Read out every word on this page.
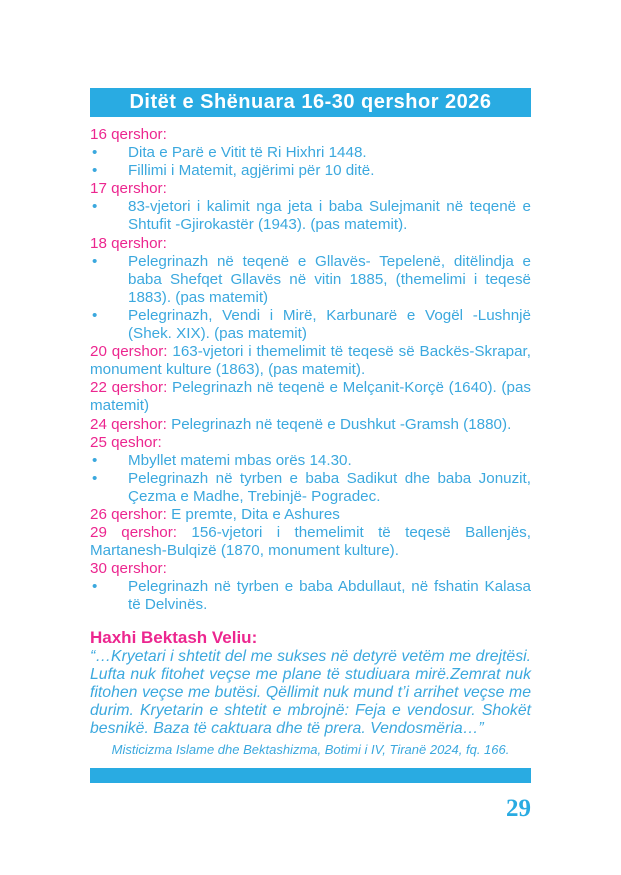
Ditët e Shënuara 16-30 qershor 2026

16 qershor:

• Dita e Parë e Vitit të Ri Hixhri 1448.

• Fillimi i Matemit, agjërimi për 10 ditë.

17 qershor:

• 83-vjetori i kalimit nga jeta i baba Sulejmanit në teqenë e Shtufit -Gjirokastër (1943). (pas matemit).

18 qershor:

• Pelegrinazh në teqenë e Gllavës- Tepelenë, ditëlindja e baba Shefqet Gllavës në vitin 1885, (themelimi i teqesë 1883). (pas matemit)

• Pelegrinazh, Vendi i Mirë, Karbunarë e Vogël -Lushnjë (Shek. XIX). (pas matemit)

20 qershor: 163-vjetori i themelimit të teqesë së Backës-Skrapar, monument kulture (1863), (pas matemit).

22 qershor: Pelegrinazh në teqenë e Melçanit-Korçë (1640). (pas matemit)

24 qershor: Pelegrinazh në teqenë e Dushkut -Gramsh (1880).

25 qeshor:

• Mbyllet matemi mbas orës 14.30.

• Pelegrinazh në tyrben e baba Sadikut dhe baba Jonuzit, Çezma e Madhe, Trebinjë- Pogradec.

26 qershor: E premte, Dita e Ashures

29 qershor: 156-vjetori i themelimit të teqesë Ballenjës, Martanesh-Bulqizë (1870, monument kulture).

30 qershor:

• Pelegrinazh në tyrben e baba Abdullaut, në fshatin Kalasa të Delvinës.

Haxhi Bektash Veliu:

“…Kryetari i shtetit del me sukses në detyrë vetëm me drejtësi. Lufta nuk fitohet veçse me plane të studiuara mirë.Zemrat nuk fitohen veçse me butësi. Qëllimit nuk mund t’i arrihet veçse me durim. Kryetarin e shtetit e mbrojnë: Feja e vendosur. Shokët besnikë. Baza të caktuara dhe të prera. Vendosmëria…”

Misticizma Islame dhe Bektashizma, Botimi i IV, Tiranë 2024, fq. 166.

29
